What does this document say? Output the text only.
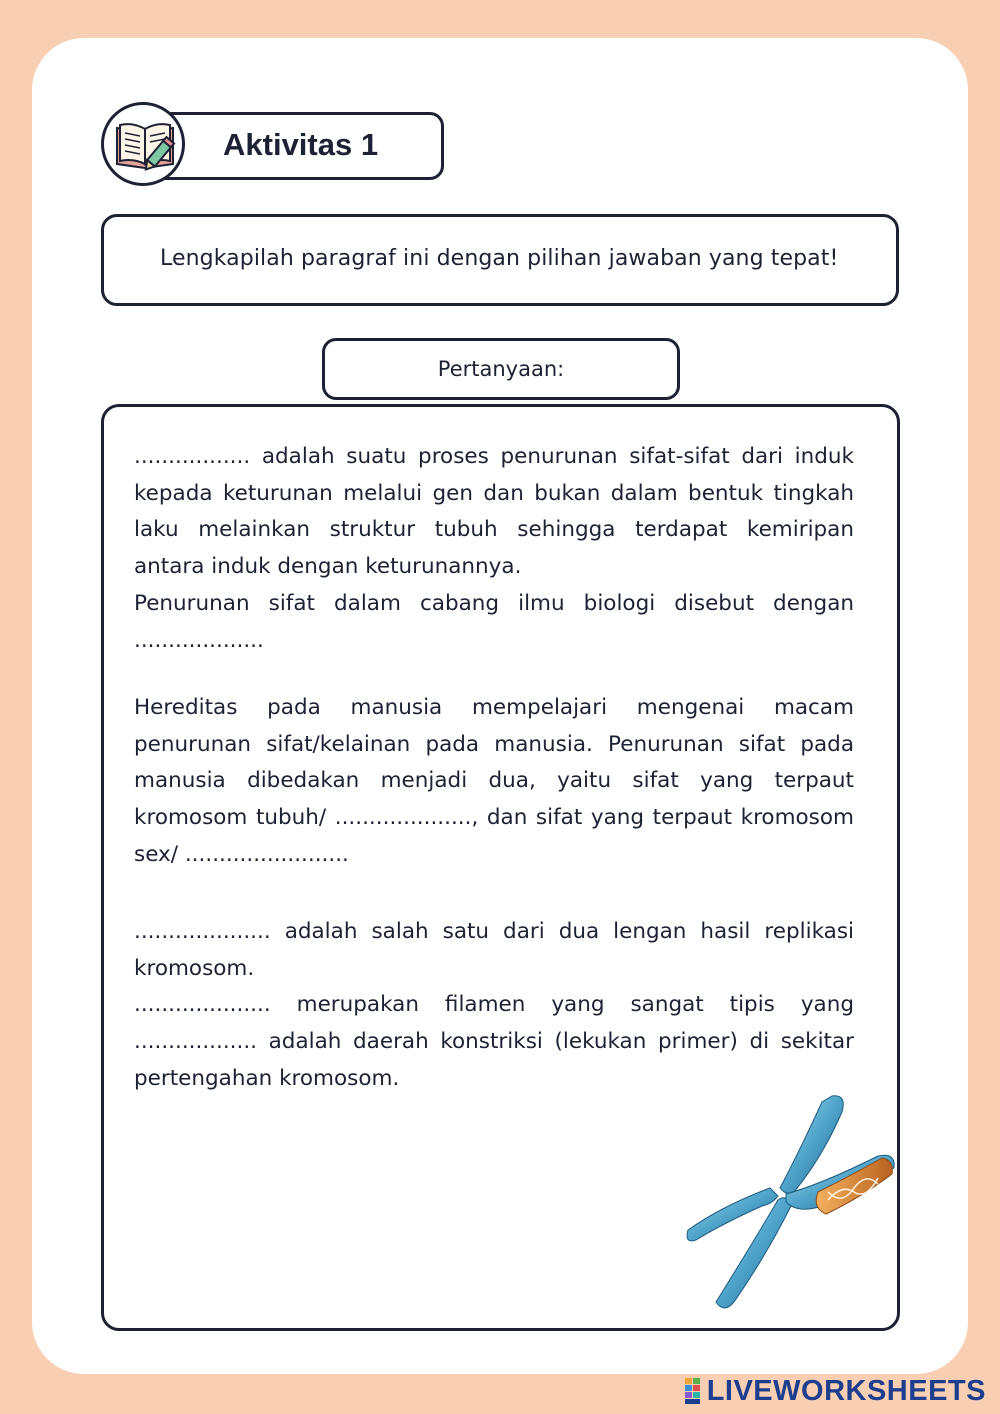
Aktivitas 1
Lengkapilah paragraf ini dengan pilihan jawaban yang tepat!
Pertanyaan:

................. adalah suatu proses penurunan sifat-sifat dari induk kepada keturunan melalui gen dan bukan dalam bentuk tingkah laku melainkan struktur tubuh sehingga terdapat kemiripan antara induk dengan keturunannya.
Penurunan sifat dalam cabang ilmu biologi disebut dengan ...................

Hereditas pada manusia mempelajari mengenai macam penurunan sifat/kelainan pada manusia. Penurunan sifat pada manusia dibedakan menjadi dua, yaitu sifat yang terpaut kromosom tubuh/ ...................., dan sifat yang terpaut kromosom sex/ ........................

.................... adalah salah satu dari dua lengan hasil replikasi kromosom.
.................... merupakan filamen yang sangat tipis yang .................. adalah daerah konstriksi (lekukan primer) di sekitar pertengahan kromosom.

LIVEWORKSHEETS
